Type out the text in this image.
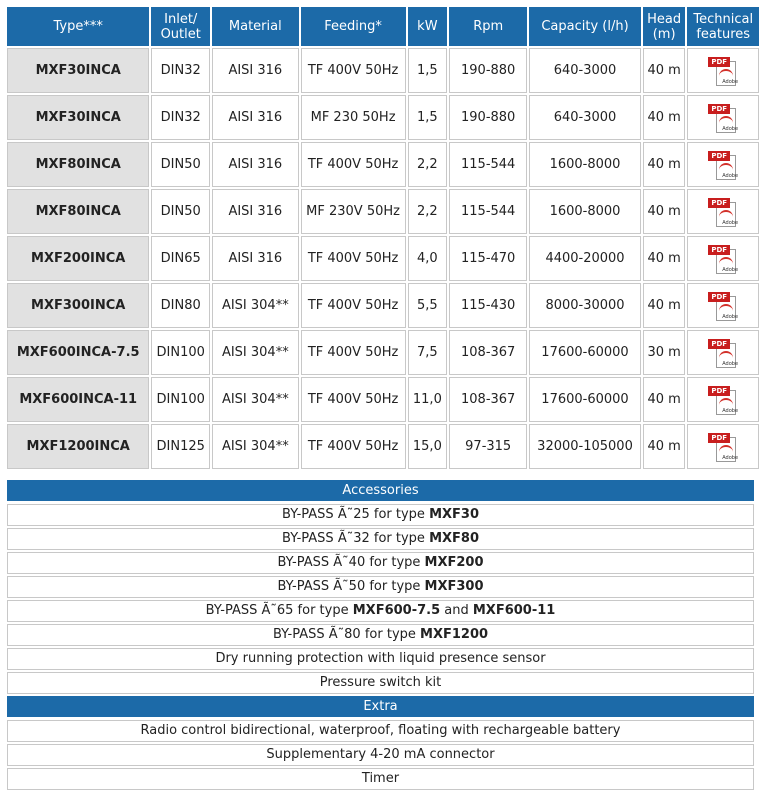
Type***	Inlet/ Outlet	Material	Feeding*	kW	Rpm	Capacity (l/h)	Head (m)	Technical features
MXF30INCA	DIN32	AISI 316	TF 400V 50Hz	1,5	190-880	640-3000	40 m	PDF
Adobe

MXF30INCA	DIN32	AISI 316	MF 230 50Hz	1,5	190-880	640-3000	40 m	PDF
Adobe

MXF80INCA	DIN50	AISI 316	TF 400V 50Hz	2,2	115-544	1600-8000	40 m	PDF
Adobe

MXF80INCA	DIN50	AISI 316	MF 230V 50Hz	2,2	115-544	1600-8000	40 m	PDF
Adobe

MXF200INCA	DIN65	AISI 316	TF 400V 50Hz	4,0	115-470	4400-20000	40 m	PDF
Adobe

MXF300INCA	DIN80	AISI 304**	TF 400V 50Hz	5,5	115-430	8000-30000	40 m	PDF
Adobe

MXF600INCA-7.5	DIN100	AISI 304**	TF 400V 50Hz	7,5	108-367	17600-60000	30 m	PDF
Adobe

MXF600INCA-11	DIN100	AISI 304**	TF 400V 50Hz	11,0	108-367	17600-60000	40 m	PDF
Adobe

MXF1200INCA	DIN125	AISI 304**	TF 400V 50Hz	15,0	97-315	32000-105000	40 m	PDF
Adobe
Accessories
BY-PASS Ã˜25 for type MXF30
BY-PASS Ã˜32 for type MXF80
BY-PASS Ã˜40 for type MXF200
BY-PASS Ã˜50 for type MXF300
BY-PASS Ã˜65 for type MXF600-7.5 and MXF600-11
BY-PASS Ã˜80 for type MXF1200
Dry running protection with liquid presence sensor
Pressure switch kit
Extra
Radio control bidirectional, waterproof, floating with rechargeable battery
Supplementary 4-20 mA connector
Timer
